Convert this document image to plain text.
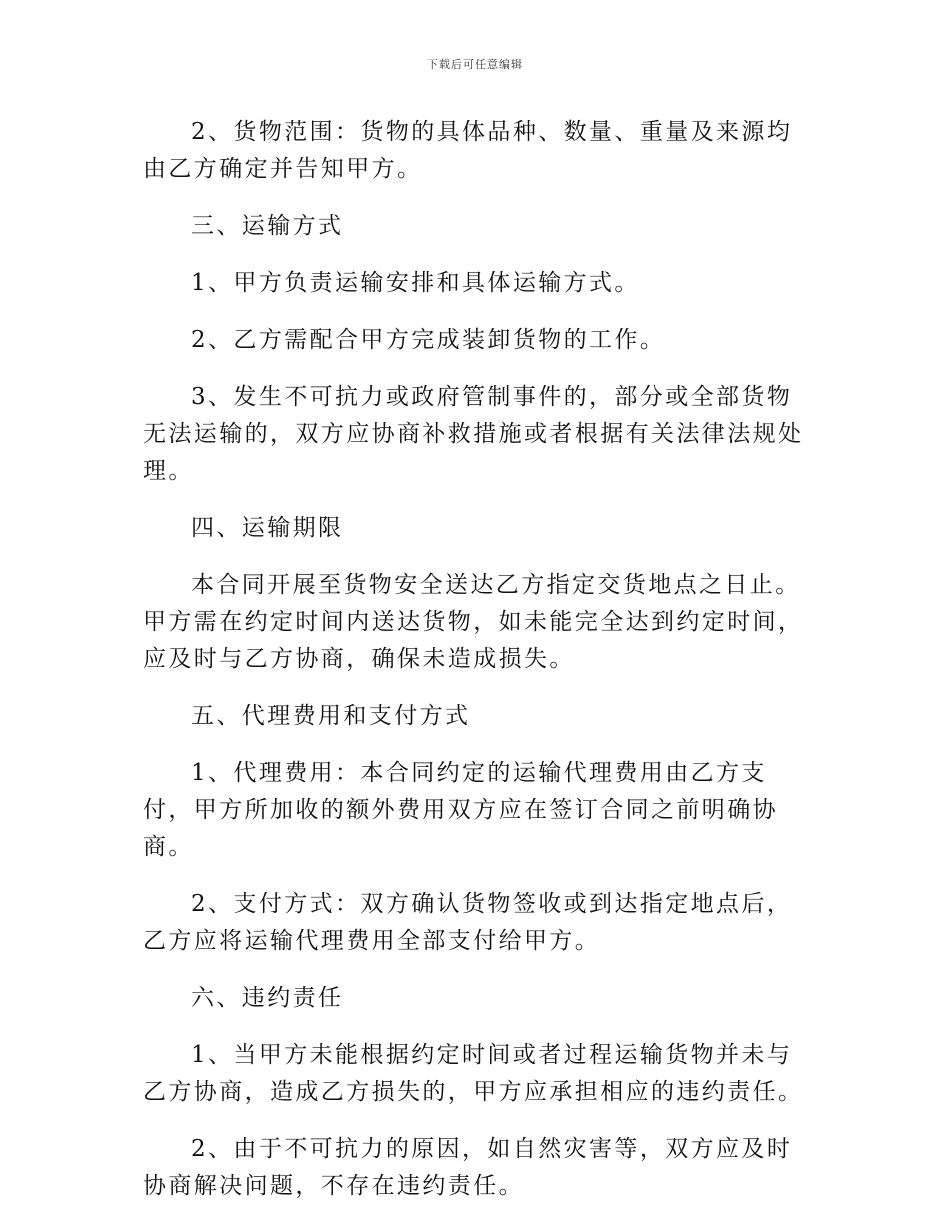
下载后可任意编辑

2、货物范围：货物的具体品种、数量、重量及来源均由乙方确定并告知甲方。

三、运输方式

1、甲方负责运输安排和具体运输方式。

2、乙方需配合甲方完成装卸货物的工作。

3、发生不可抗力或政府管制事件的，部分或全部货物无法运输的，双方应协商补救措施或者根据有关法律法规处理。

四、运输期限

本合同开展至货物安全送达乙方指定交货地点之日止。甲方需在约定时间内送达货物，如未能完全达到约定时间，应及时与乙方协商，确保未造成损失。

五、代理费用和支付方式

1、代理费用：本合同约定的运输代理费用由乙方支付，甲方所加收的额外费用双方应在签订合同之前明确协商。

2、支付方式：双方确认货物签收或到达指定地点后，乙方应将运输代理费用全部支付给甲方。

六、违约责任

1、当甲方未能根据约定时间或者过程运输货物并未与乙方协商，造成乙方损失的，甲方应承担相应的违约责任。

2、由于不可抗力的原因，如自然灾害等，双方应及时协商解决问题，不存在违约责任。
